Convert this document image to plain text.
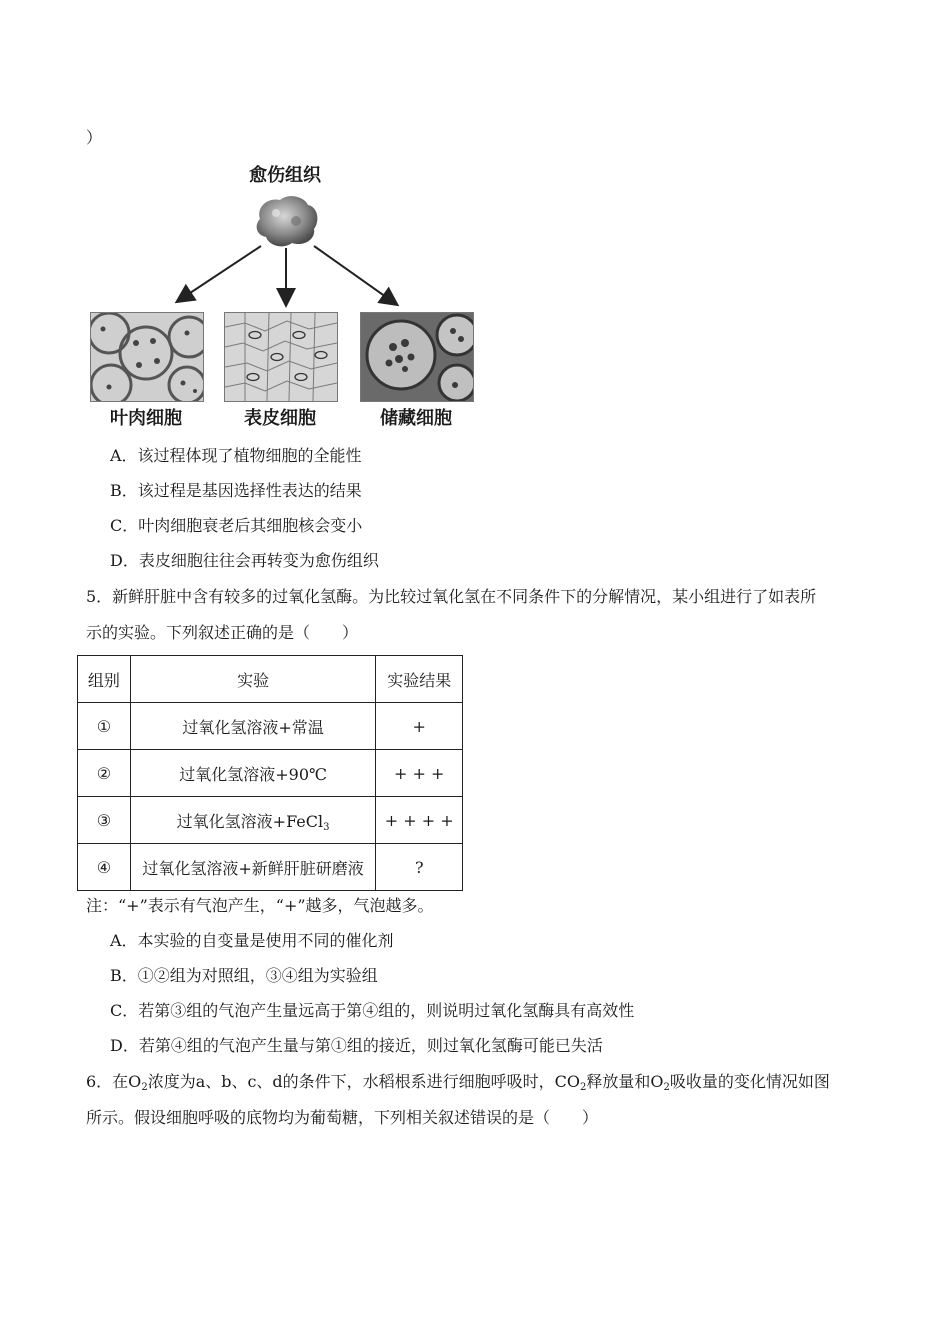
）
愈伤组织
叶肉细胞	表皮细胞	储藏细胞
A．该过程体现了植物细胞的全能性
B．该过程是基因选择性表达的结果
C．叶肉细胞衰老后其细胞核会变小
D．表皮细胞往往会再转变为愈伤组织
5．新鲜肝脏中含有较多的过氧化氢酶。为比较过氧化氢在不同条件下的分解情况，某小组进行了如表所
示的实验。下列叙述正确的是（　　）
组别	实验	实验结果
①	过氧化氢溶液+常温	+
②	过氧化氢溶液+90℃	+ + +
③	过氧化氢溶液+FeCl$_3$	+ + + +
④	过氧化氢溶液+新鲜肝脏研磨液	?
注：“+”表示有气泡产生，“+”越多，气泡越多。
A．本实验的自变量是使用不同的催化剂
B．①②组为对照组，③④组为实验组
C．若第③组的气泡产生量远高于第④组的，则说明过氧化氢酶具有高效性
D．若第④组的气泡产生量与第①组的接近，则过氧化氢酶可能已失活
6．在$O_2$浓度为a、b、c、d的条件下，水稻根系进行细胞呼吸时，$CO_2$释放量和$O_2$吸收量的变化情况如图
所示。假设细胞呼吸的底物均为葡萄糖，下列相关叙述错误的是（　　）
